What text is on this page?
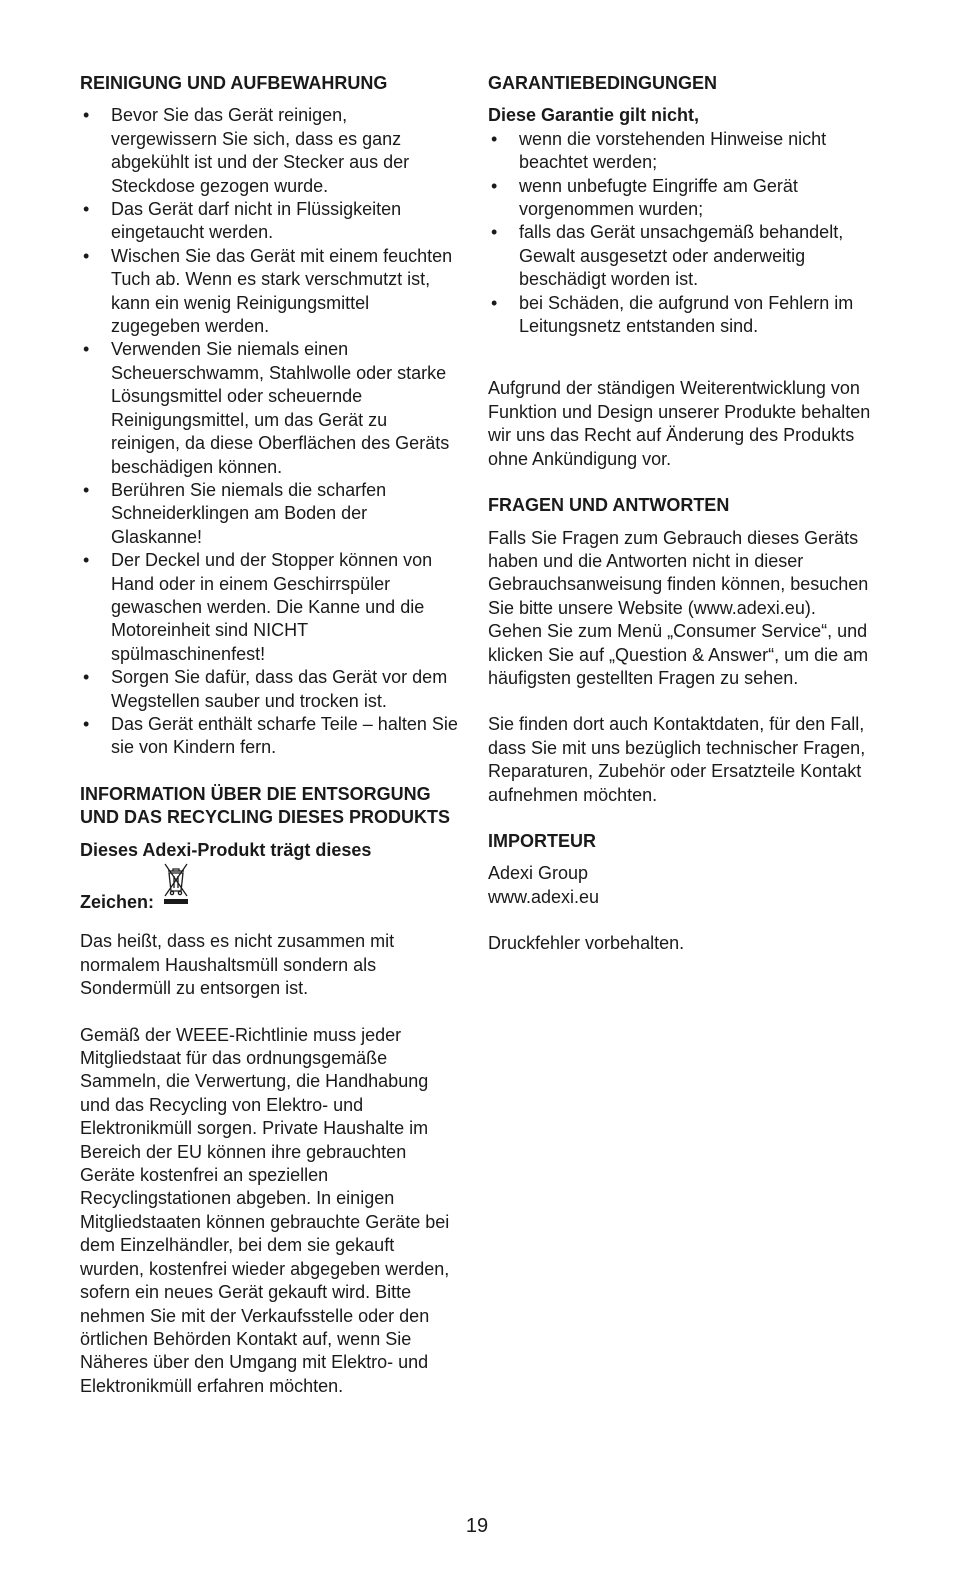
REINIGUNG UND AUFBEWAHRUNG
• Bevor Sie das Gerät reinigen, vergewissern Sie sich, dass es ganz abgekühlt ist und der Stecker aus der Steckdose gezogen wurde.
• Das Gerät darf nicht in Flüssigkeiten eingetaucht werden.
• Wischen Sie das Gerät mit einem feuchten Tuch ab. Wenn es stark verschmutzt ist, kann ein wenig Reinigungsmittel zugegeben werden.
• Verwenden Sie niemals einen Scheuerschwamm, Stahlwolle oder starke Lösungsmittel oder scheuernde Reinigungsmittel, um das Gerät zu reinigen, da diese Oberflächen des Geräts beschädigen können.
• Berühren Sie niemals die scharfen Schneiderklingen am Boden der Glaskanne!
• Der Deckel und der Stopper können von Hand oder in einem Geschirrspüler gewaschen werden. Die Kanne und die Motoreinheit sind NICHT spülmaschinenfest!
• Sorgen Sie dafür, dass das Gerät vor dem Wegstellen sauber und trocken ist.
• Das Gerät enthält scharfe Teile – halten Sie sie von Kindern fern.
INFORMATION ÜBER DIE ENTSORGUNG UND DAS RECYCLING DIESES PRODUKTS

Dieses Adexi-Produkt trägt dieses

Zeichen:

Das heißt, dass es nicht zusammen mit normalem Haushaltsmüll sondern als Sondermüll zu entsorgen ist.

Gemäß der WEEE-Richtlinie muss jeder Mitgliedstaat für das ordnungsgemäße Sammeln, die Verwertung, die Handhabung und das Recycling von Elektro- und Elektronikmüll sorgen. Private Haushalte im Bereich der EU können ihre gebrauchten Geräte kostenfrei an speziellen Recyclingstationen abgeben. In einigen Mitgliedstaaten können gebrauchte Geräte bei dem Einzelhändler, bei dem sie gekauft wurden, kostenfrei wieder abgegeben werden, sofern ein neues Gerät gekauft wird. Bitte nehmen Sie mit der Verkaufsstelle oder den örtlichen Behörden Kontakt auf, wenn Sie Näheres über den Umgang mit Elektro- und Elektronikmüll erfahren möchten.

GARANTIEBEDINGUNGEN

Diese Garantie gilt nicht,

• wenn die vorstehenden Hinweise nicht beachtet werden;
• wenn unbefugte Eingriffe am Gerät vorgenommen wurden;
• falls das Gerät unsachgemäß behandelt, Gewalt ausgesetzt oder anderweitig beschädigt worden ist.
• bei Schäden, die aufgrund von Fehlern im Leitungsnetz entstanden sind.

Aufgrund der ständigen Weiterentwicklung von Funktion und Design unserer Produkte behalten wir uns das Recht auf Änderung des Produkts ohne Ankündigung vor.

FRAGEN UND ANTWORTEN

Falls Sie Fragen zum Gebrauch dieses Geräts haben und die Antworten nicht in dieser Gebrauchsanweisung finden können, besuchen Sie bitte unsere Website (www.adexi.eu).

Gehen Sie zum Menü „Consumer Service“, und klicken Sie auf „Question & Answer“, um die am häufigsten gestellten Fragen zu sehen.

Sie finden dort auch Kontaktdaten, für den Fall, dass Sie mit uns bezüglich technischer Fragen, Reparaturen, Zubehör oder Ersatzteile Kontakt aufnehmen möchten.

IMPORTEUR

Adexi Group

www.adexi.eu

Druckfehler vorbehalten.

19
